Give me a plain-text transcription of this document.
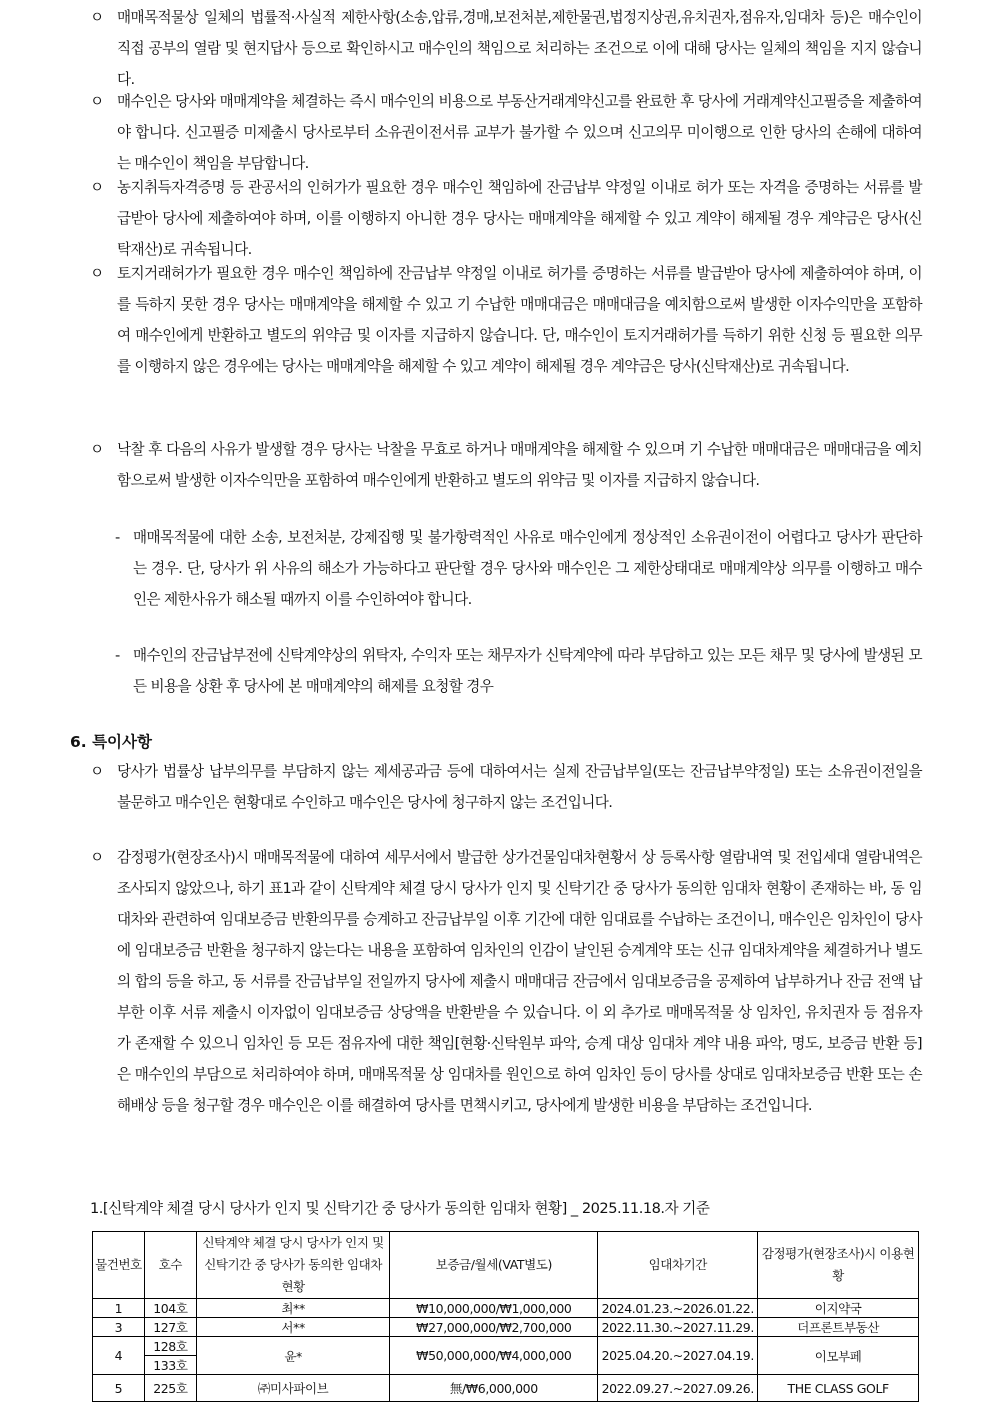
ㅇ 매매목적물상 일체의 법률적·사실적 제한사항(소송,압류,경매,보전처분,제한물권,법정지상권,유치권자,점유자,임대차 등)은 매수인이 직접 공부의 열람 및 현지답사 등으로 확인하시고 매수인의 책임으로 처리하는 조건으로 이에 대해 당사는 일체의 책임을 지지 않습니다.
ㅇ 매수인은 당사와 매매계약을 체결하는 즉시 매수인의 비용으로 부동산거래계약신고를 완료한 후 당사에 거래계약신고필증을 제출하여야 합니다. 신고필증 미제출시 당사로부터 소유권이전서류 교부가 불가할 수 있으며 신고의무 미이행으로 인한 당사의 손해에 대하여는 매수인이 책임을 부담합니다.
ㅇ 농지취득자격증명 등 관공서의 인허가가 필요한 경우 매수인 책임하에 잔금납부 약정일 이내로 허가 또는 자격을 증명하는 서류를 발급받아 당사에 제출하여야 하며, 이를 이행하지 아니한 경우 당사는 매매계약을 해제할 수 있고 계약이 해제될 경우 계약금은 당사(신탁재산)로 귀속됩니다.
ㅇ 토지거래허가가 필요한 경우 매수인 책임하에 잔금납부 약정일 이내로 허가를 증명하는 서류를 발급받아 당사에 제출하여야 하며, 이를 득하지 못한 경우 당사는 매매계약을 해제할 수 있고 기 수납한 매매대금은 매매대금을 예치함으로써 발생한 이자수익만을 포함하여 매수인에게 반환하고 별도의 위약금 및 이자를 지급하지 않습니다. 단, 매수인이 토지거래허가를 득하기 위한 신청 등 필요한 의무를 이행하지 않은 경우에는 당사는 매매계약을 해제할 수 있고 계약이 해제될 경우 계약금은 당사(신탁재산)로 귀속됩니다.
ㅇ 낙찰 후 다음의 사유가 발생할 경우 당사는 낙찰을 무효로 하거나 매매계약을 해제할 수 있으며 기 수납한 매매대금은 매매대금을 예치함으로써 발생한 이자수익만을 포함하여 매수인에게 반환하고 별도의 위약금 및 이자를 지급하지 않습니다.
- 매매목적물에 대한 소송, 보전처분, 강제집행 및 불가항력적인 사유로 매수인에게 정상적인 소유권이전이 어렵다고 당사가 판단하는 경우. 단, 당사가 위 사유의 해소가 가능하다고 판단할 경우 당사와 매수인은 그 제한상태대로 매매계약상 의무를 이행하고 매수인은 제한사유가 해소될 때까지 이를 수인하여야 합니다.
- 매수인의 잔금납부전에 신탁계약상의 위탁자, 수익자 또는 채무자가 신탁계약에 따라 부담하고 있는 모든 채무 및 당사에 발생된 모든 비용을 상환 후 당사에 본 매매계약의 해제를 요청할 경우
6. 특이사항
ㅇ 당사가 법률상 납부의무를 부담하지 않는 제세공과금 등에 대하여서는 실제 잔금납부일(또는 잔금납부약정일) 또는 소유권이전일을 불문하고 매수인은 현황대로 수인하고 매수인은 당사에 청구하지 않는 조건입니다.
ㅇ 감정평가(현장조사)시 매매목적물에 대하여 세무서에서 발급한 상가건물임대차현황서 상 등록사항 열람내역 및 전입세대 열람내역은 조사되지 않았으나, 하기 표1과 같이 신탁계약 체결 당시 당사가 인지 및 신탁기간 중 당사가 동의한 임대차 현황이 존재하는 바, 동 임대차와 관련하여 임대보증금 반환의무를 승계하고 잔금납부일 이후 기간에 대한 임대료를 수납하는 조건이니, 매수인은 임차인이 당사에 임대보증금 반환을 청구하지 않는다는 내용을 포함하여 임차인의 인감이 날인된 승계계약 또는 신규 임대차계약을 체결하거나 별도의 합의 등을 하고, 동 서류를 잔금납부일 전일까지 당사에 제출시 매매대금 잔금에서 임대보증금을 공제하여 납부하거나 잔금 전액 납부한 이후 서류 제출시 이자없이 임대보증금 상당액을 반환받을 수 있습니다. 이 외 추가로 매매목적물 상 임차인, 유치권자 등 점유자가 존재할 수 있으니 임차인 등 모든 점유자에 대한 책임[현황·신탁원부 파악, 승계 대상 임대차 계약 내용 파악, 명도, 보증금 반환 등]은 매수인의 부담으로 처리하여야 하며, 매매목적물 상 임대차를 원인으로 하여 임차인 등이 당사를 상대로 임대차보증금 반환 또는 손해배상 등을 청구할 경우 매수인은 이를 해결하여 당사를 면책시키고, 당사에게 발생한 비용을 부담하는 조건입니다.
1.[신탁계약 체결 당시 당사가 인지 및 신탁기간 중 당사가 동의한 임대차 현황] _ 2025.11.18.자 기준
물건번호	호수	신탁계약 체결 당시 당사가 인지 및 신탁기간 중 당사가 동의한 임대차 현황	보증금/월세(VAT별도)	임대차기간	감정평가(현장조사)시 이용현황
1	104호	최**	₩10,000,000/₩1,000,000	2024.01.23.~2026.01.22.	이지약국
3	127호	서**	₩27,000,000/₩2,700,000	2022.11.30.~2027.11.29.	더프론트부동산
4	128호	윤*	₩50,000,000/₩4,000,000	2025.04.20.~2027.04.19.	이모부페
	133호				
5	225호	㈜미사파이브	無/₩6,000,000	2022.09.27.~2027.09.26.	THE CLASS GOLF
